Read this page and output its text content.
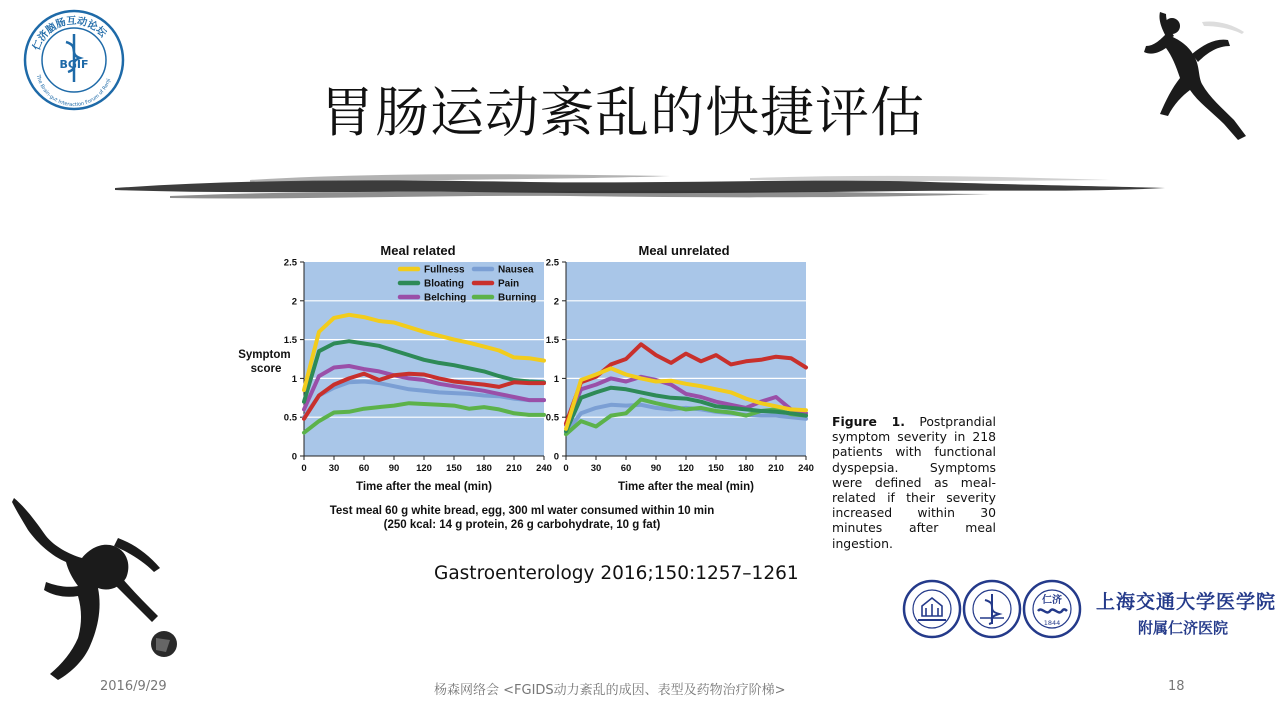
胃肠运动紊乱的快捷评估
仁济脑肠互动论坛
The Brain-gut Interaction Forum of Renji
BGIF
Meal related
0
0.5
1
1.5
2
2.5
0 30 60 90 120 150 180 210 240
Symptom score
Time after the meal (min)
Fullness
Bloating
Belching
Nausea
Pain
Burning
Meal unrelated
0
0.5
1
1.5
2
2.5
0 30 60 90 120 150 180 210 240
Time after the meal (min)
Test meal 60 g white bread, egg, 300 ml water consumed within 10 min
(250 kcal: 14 g protein, 26 g carbohydrate, 10 g fat)
Figure 1. Postprandial symptom severity in 218 patients with functional dyspepsia. Symptoms were defined as meal-related if their severity increased within 30 minutes after meal ingestion.
Gastroenterology 2016;150:1257–1261
仁济
1844
上海交通大学医学院
附属仁济医院
2016/9/29	杨森网络会 <FGIDS动力紊乱的成因、表型及药物治疗阶梯>	18
